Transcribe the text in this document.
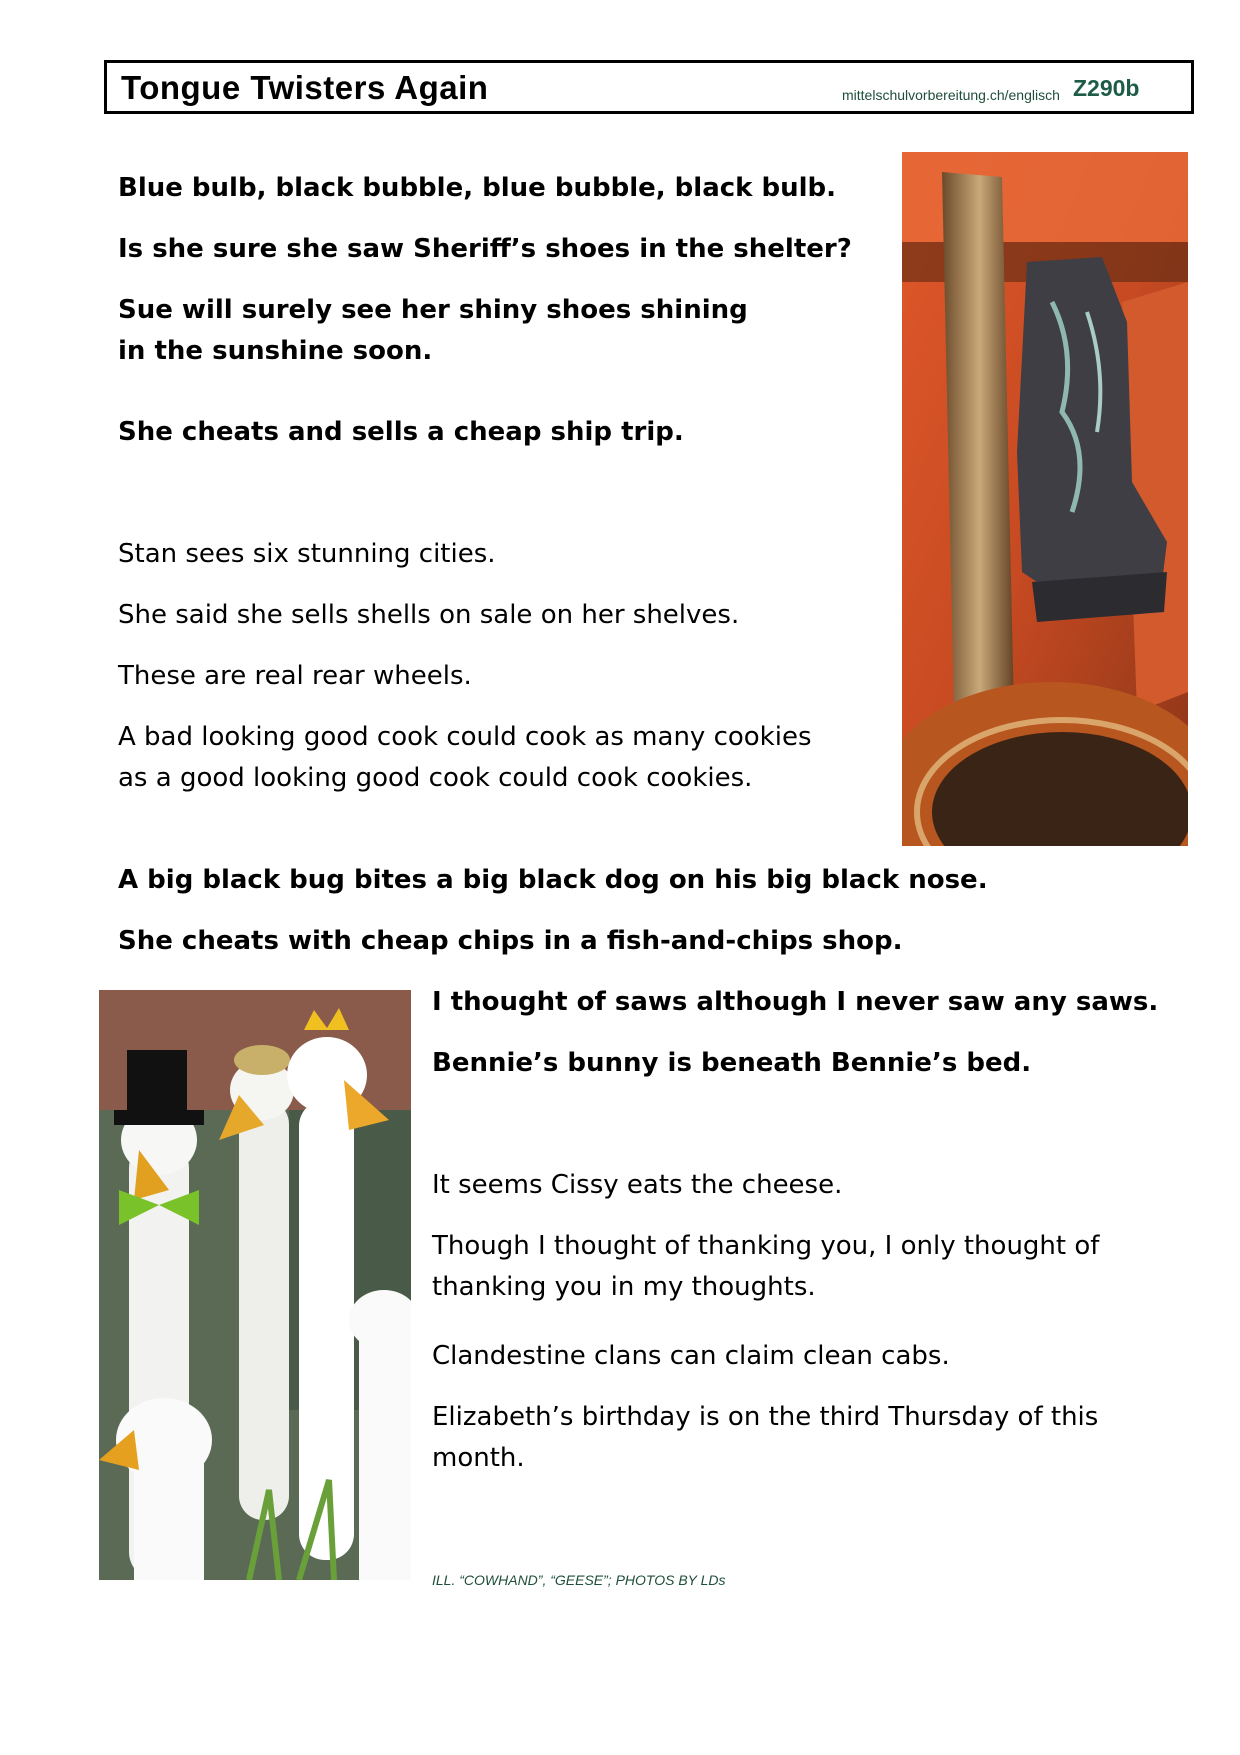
Tongue Twisters Again	mittelschulvorbereitung.ch/englisch Z290b
Blue bulb, black bubble, blue bubble, black bulb.
Is she sure she saw Sheriff’s shoes in the shelter?
Sue will surely see her shiny shoes shining
in the sunshine soon.
She cheats and sells a cheap ship trip.
Stan sees six stunning cities.
She said she sells shells on sale on her shelves.
These are real rear wheels.
A bad looking good cook could cook as many cookies
as a good looking good cook could cook cookies.
A big black bug bites a big black dog on his big black nose.
She cheats with cheap chips in a fish-and-chips shop.
I thought of saws although I never saw any saws.
Bennie’s bunny is beneath Bennie’s bed.
It seems Cissy eats the cheese.
Though I thought of thanking you, I only thought of
thanking you in my thoughts.
Clandestine clans can claim clean cabs.
Elizabeth’s birthday is on the third Thursday of this
month.
ILL. “COWHAND”, “GEESE”; PHOTOS BY LDs
